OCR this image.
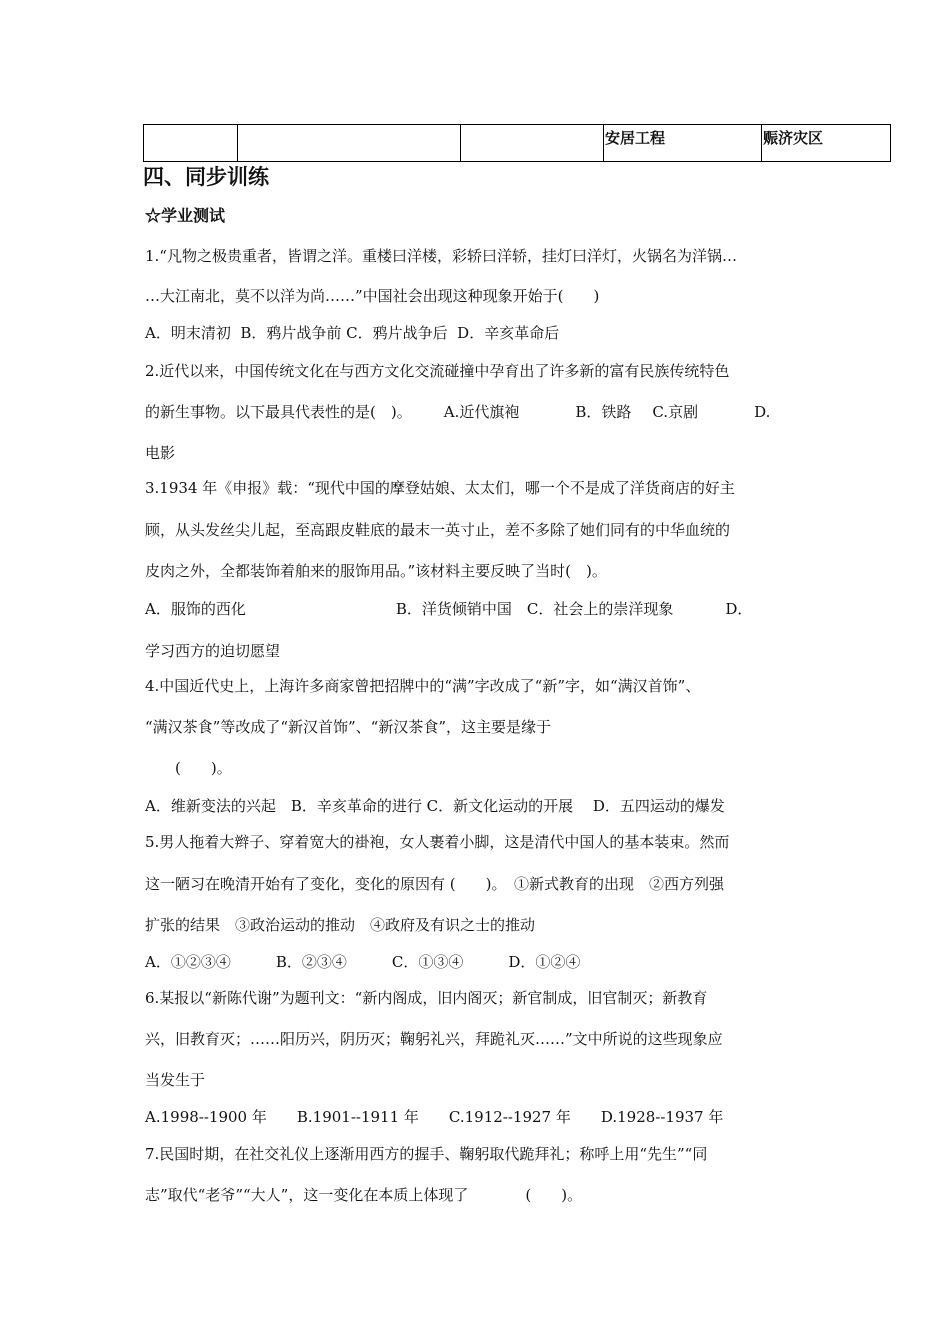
			安居工程	赈济灾区
四、同步训练
☆学业测试
1.“凡物之极贵重者，皆谓之洋。重楼曰洋楼，彩轿曰洋轿，挂灯曰洋灯，火锅名为洋锅…
…大江南北，莫不以洋为尚……”中国社会出现这种现象开始于(　　)
A．明末清初  B．鸦片战争前 C．鸦片战争后  D．辛亥革命后
2.近代以来，中国传统文化在与西方文化交流碰撞中孕育出了许多新的富有民族传统特色
的新生事物。以下最具代表性的是(　)。 A.近代旗袍	B．铁路 C.京剧	D.
电影
3.1934 年《申报》载：“现代中国的摩登姑娘、太太们，哪一个不是成了洋货商店的好主
顾，从头发丝尖儿起，至高跟皮鞋底的最末一英寸止，差不多除了她们同有的中华血统的
皮肉之外，全都装饰着舶来的服饰用品。”该材料主要反映了当时(　)。
A．服饰的西化	B．洋货倾销中国　C．社会上的崇洋现象	D．
学习西方的迫切愿望
4.中国近代史上，上海许多商家曾把招牌中的“满”字改成了“新”字，如“满汉首饰”、
“满汉茶食”等改成了“新汉首饰”、“新汉茶食”，这主要是缘于
(　　)。
A．维新变法的兴起　B．辛亥革命的进行 C．新文化运动的开展　 D．五四运动的爆发
5.男人拖着大辫子、穿着宽大的褂袍，女人裹着小脚，这是清代中国人的基本装束。然而
这一陋习在晚清开始有了变化，变化的原因有 (　　)。　①新式教育的出现　②西方列强
扩张的结果　③政治运动的推动　④政府及有识之士的推动
A．①②③④　　　B．②③④　　　C．①③④　　　D．①②④
6.某报以“新陈代谢”为题刊文：“新内阁成，旧内阁灭；新官制成，旧官制灭；新教育
兴，旧教育灭；……阳历兴，阴历灭；鞠躬礼兴，拜跪礼灭……”文中所说的这些现象应
当发生于
A.1998--1900 年　　B.1901--1911 年　　C.1912--1927 年　　D.1928--1937 年
7.民国时期，在社交礼仪上逐渐用西方的握手、鞠躬取代跪拜礼；称呼上用“先生”“同
志”取代“老爷”“大人”，这一变化在本质上体现了	(　　)。
